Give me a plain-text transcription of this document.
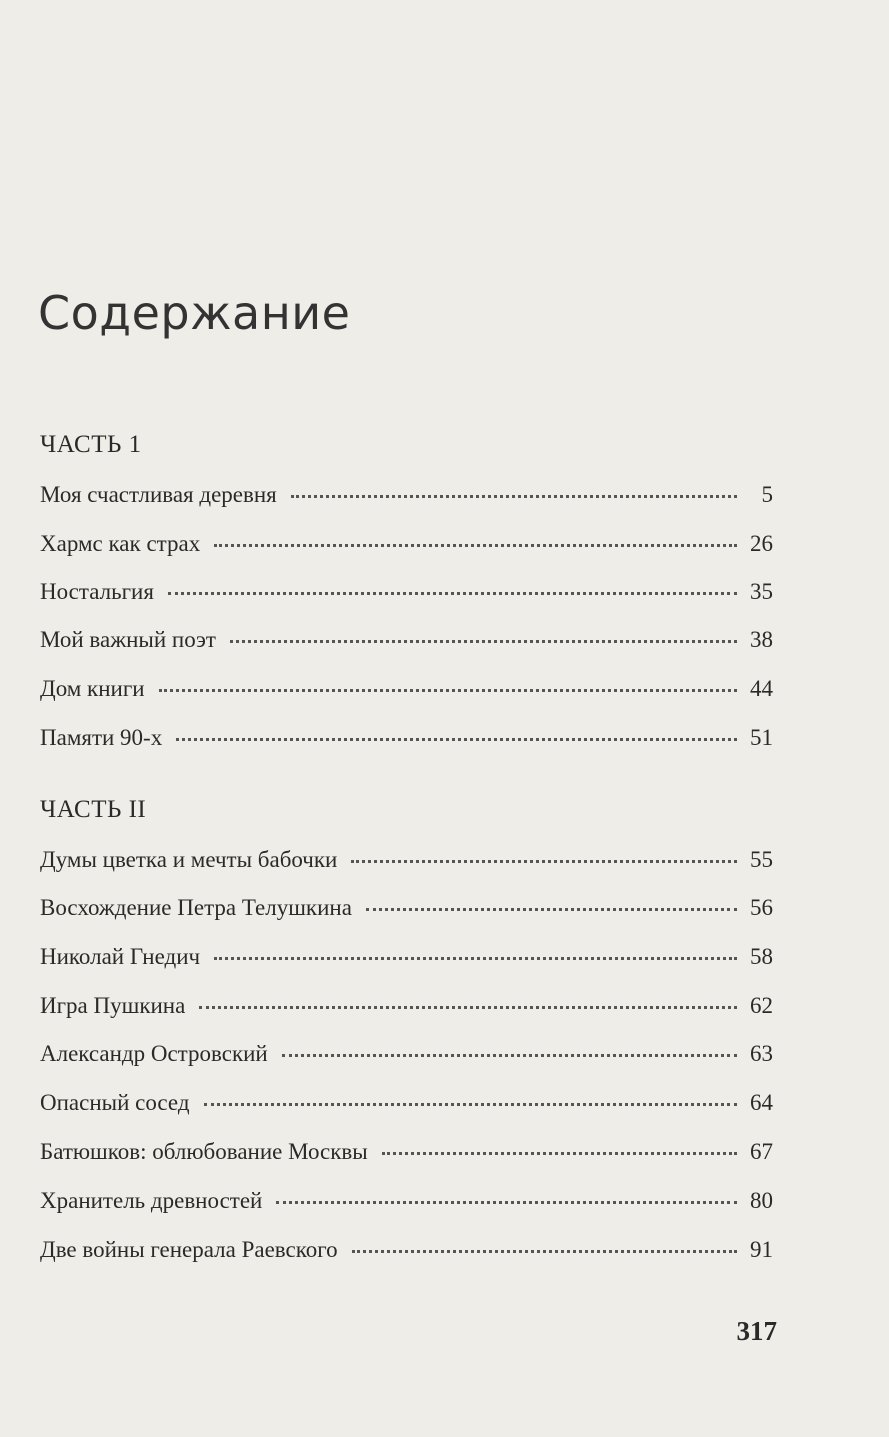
Содержание
ЧАСТЬ 1
Моя счастливая деревня	5
Хармс как страх	26
Ностальгия	35
Мой важный поэт	38
Дом книги	44
Памяти 90-х	51
ЧАСТЬ II
Думы цветка и мечты бабочки	55
Восхождение Петра Телушкина	56
Николай Гнедич	58
Игра Пушкина	62
Александр Островский	63
Опасный сосед	64
Батюшков: облюбование Москвы	67
Хранитель древностей	80
Две войны генерала Раевского	91
317
